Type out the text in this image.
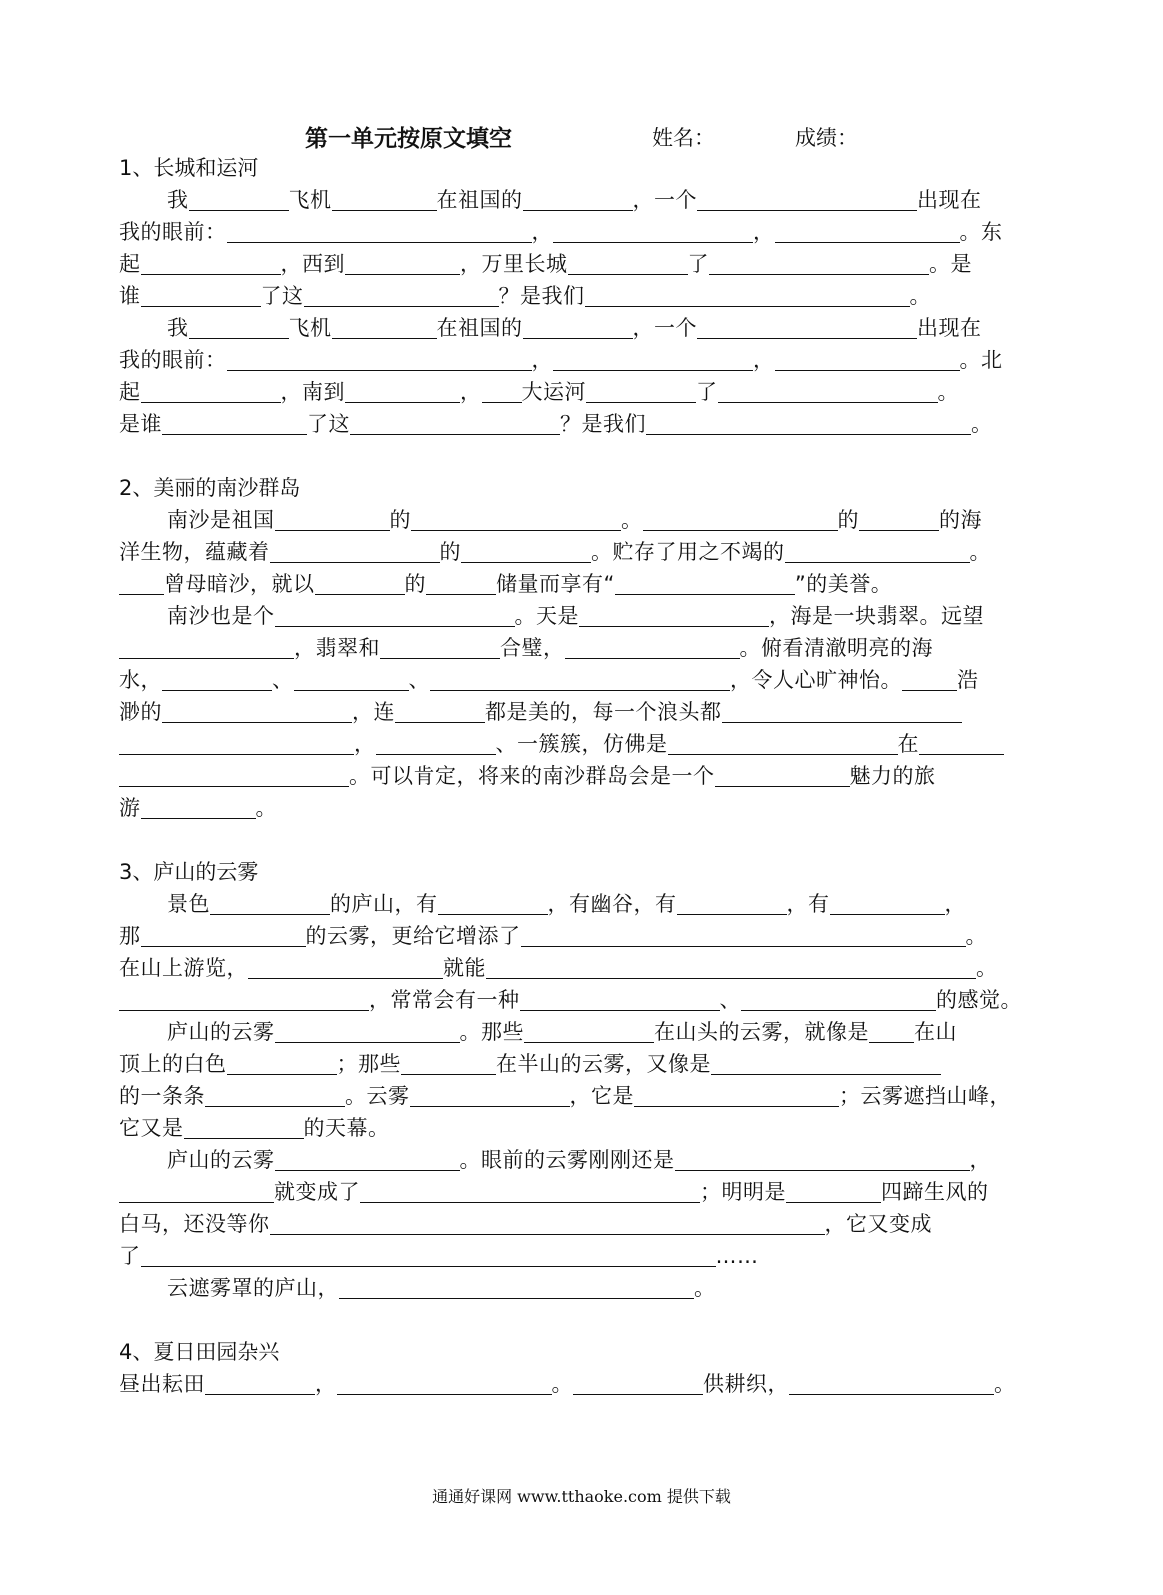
第一单元按原文填空	姓名：	成绩：
1、长城和运河
我	飞机	在祖国的	，一个	出现在
我的眼前：	，	，	。东
起	，西到	，万里长城	了	。是
谁	了这	？是我们	。
我	飞机	在祖国的	，一个	出现在
我的眼前：	，	，	。北
起	，南到	， 大运河	了	。
是谁	了这	？是我们	。
2、美丽的南沙群岛
南沙是祖国	的	。	的	的海
洋生物，蕴藏着	的	。贮存了用之不竭的	。
曾母暗沙，就以	的	储量而享有“	”的美誉。
南沙也是个	。天是	，海是一块翡翠。远望
，翡翠和	合璧，	。俯看清澈明亮的海
水，	、	、	，令人心旷神怡。	浩
渺的	，连	都是美的，每一个浪头都
，	、一簇簇，仿佛是	在
。可以肯定，将来的南沙群岛会是一个	魅力的旅
游	。
3、庐山的云雾
景色	的庐山，有	，有幽谷，有	，有	，
那	的云雾，更给它增添了	。
在山上游览，	就能	。
，常常会有一种	、	的感觉。
庐山的云雾	。那些	在山头的云雾，就像是 在山
顶上的白色	；那些	在半山的云雾，又像是
的一条条	。云雾	，它是	；云雾遮挡山峰，
它又是	的天幕。
庐山的云雾	。眼前的云雾刚刚还是	，
就变成了	；明明是	四蹄生风的
白马，还没等你	，它又变成
了	……
云遮雾罩的庐山，	。
4、夏日田园杂兴
昼出耘田	，	。	供耕织，	。
通通好课网 www.tthaoke.com 提供下载
